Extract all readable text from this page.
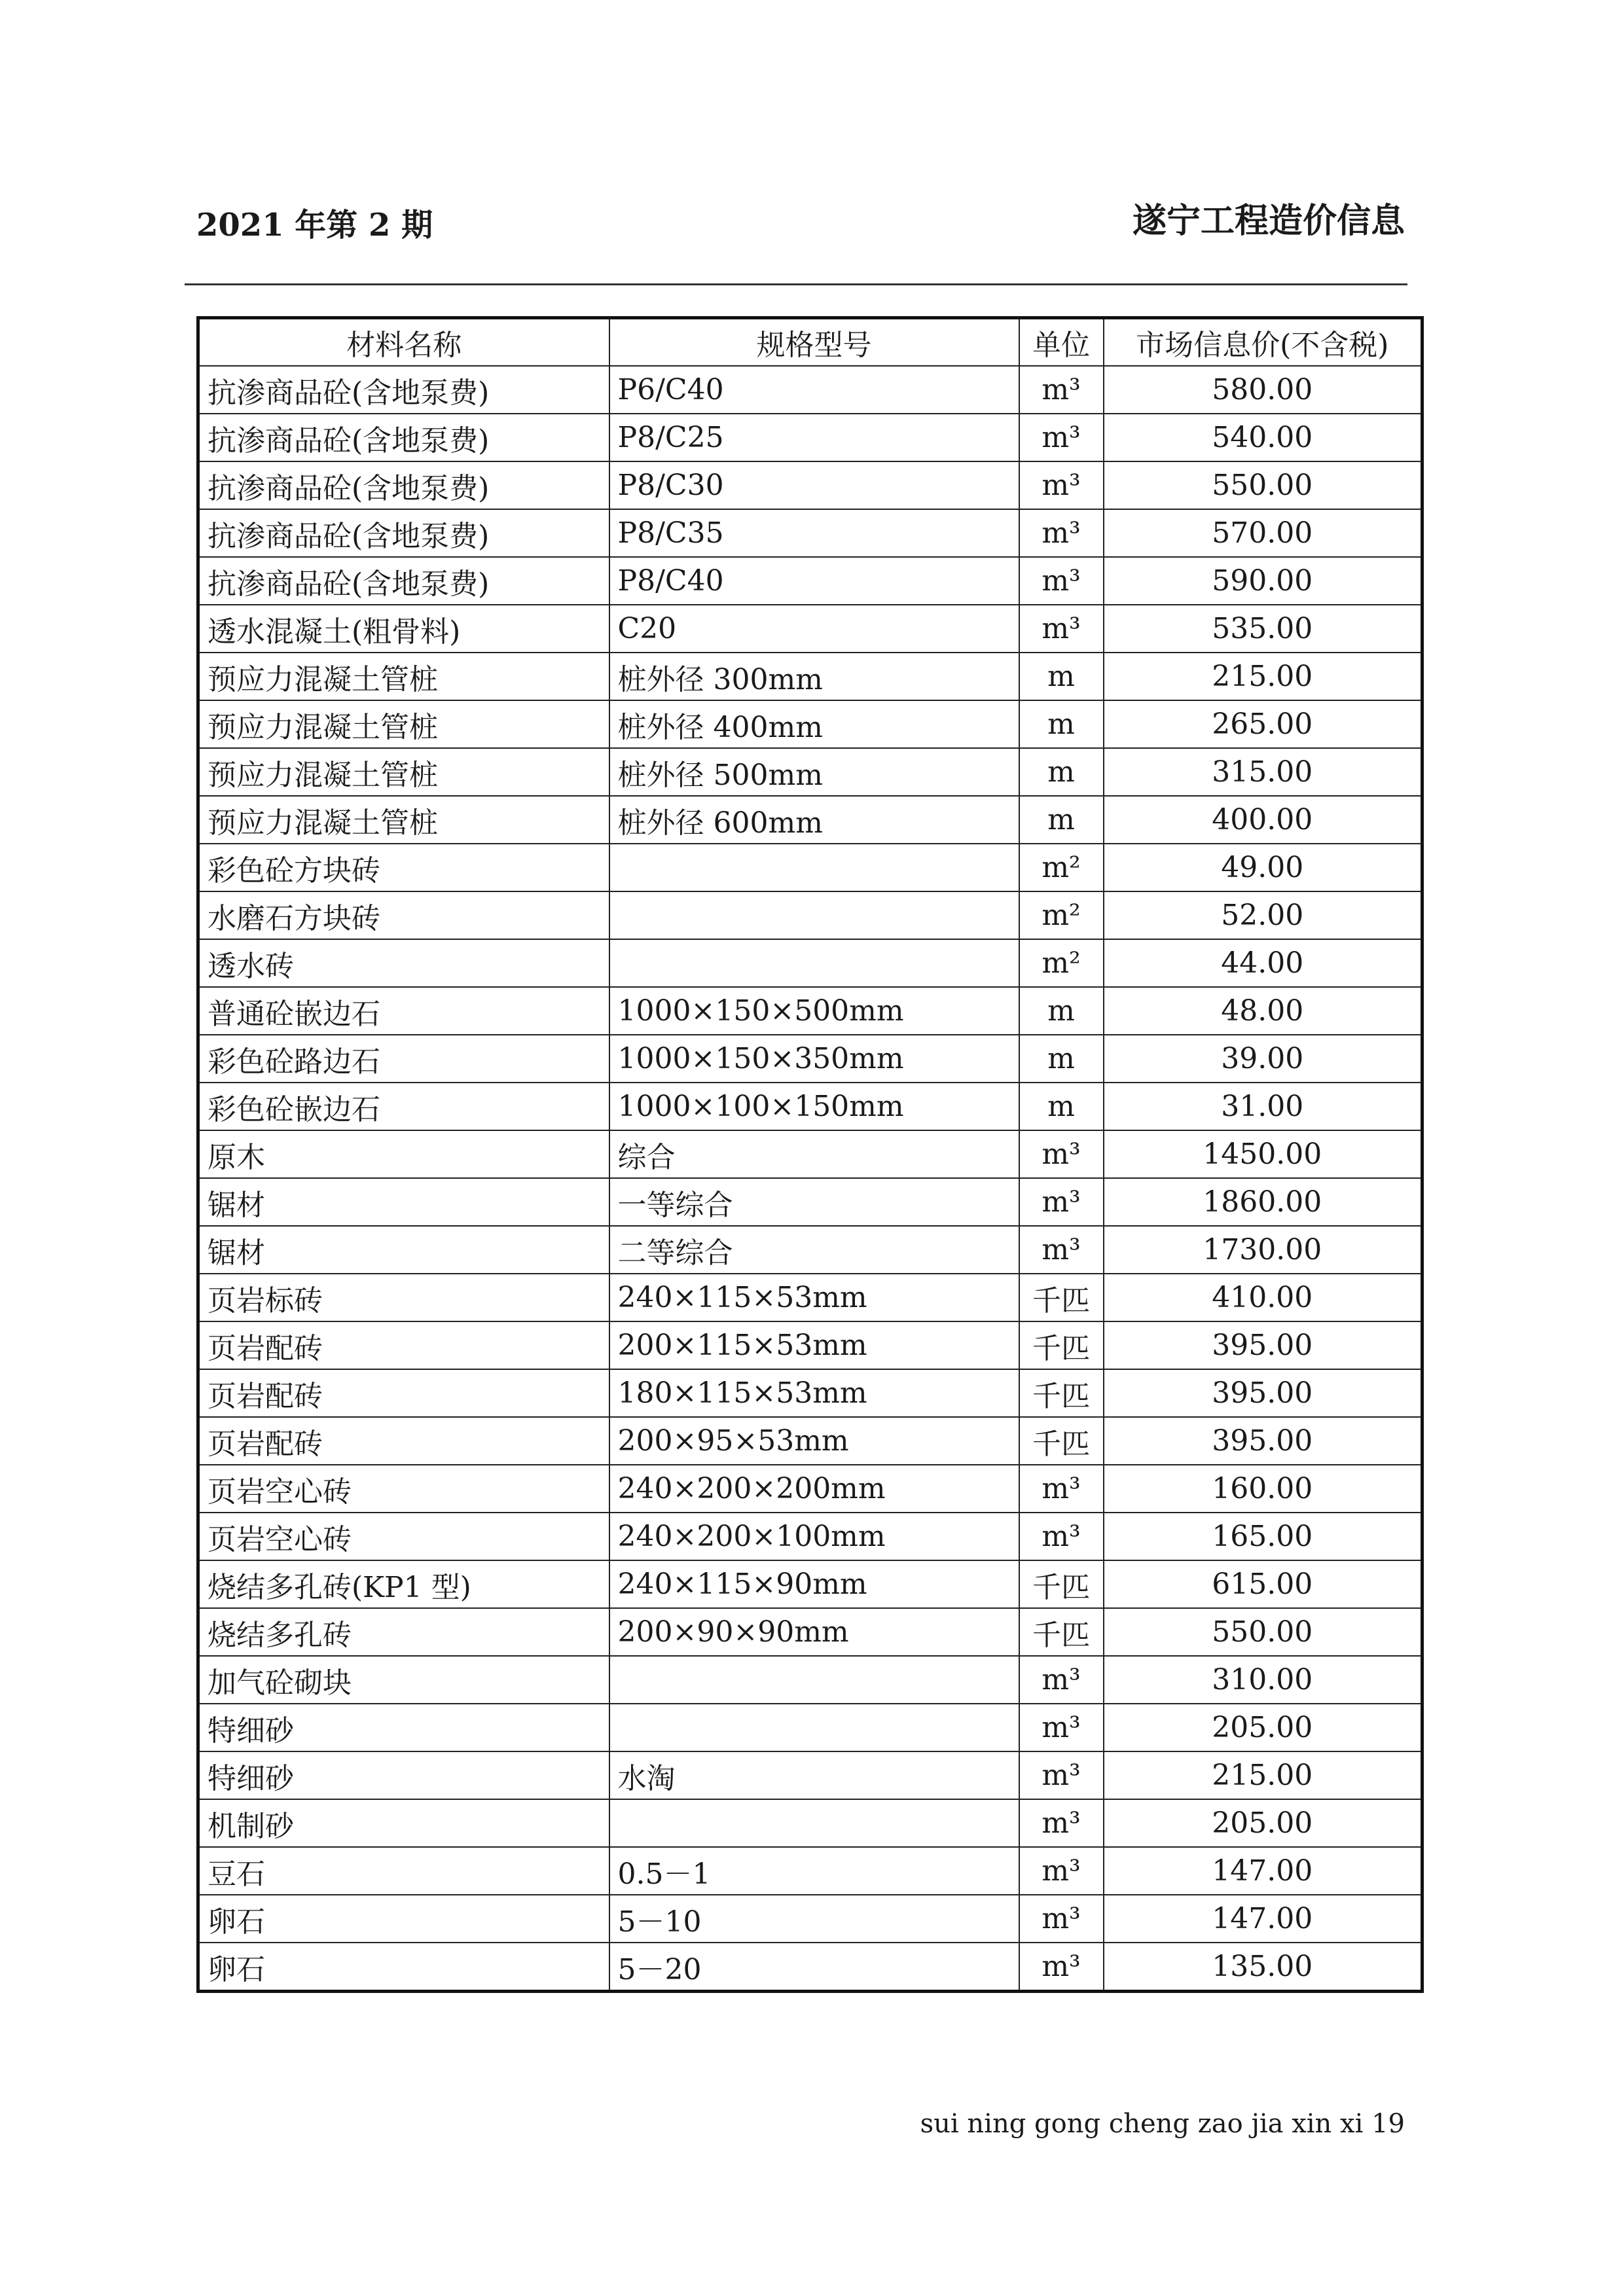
2021 年第 2 期	遂宁工程造价信息
材料名称	规格型号	单位	市场信息价(不含税)
抗渗商品砼(含地泵费)	P6/C40	m³	580.00
抗渗商品砼(含地泵费)	P8/C25	m³	540.00
抗渗商品砼(含地泵费)	P8/C30	m³	550.00
抗渗商品砼(含地泵费)	P8/C35	m³	570.00
抗渗商品砼(含地泵费)	P8/C40	m³	590.00
透水混凝土(粗骨料)	C20	m³	535.00
预应力混凝土管桩	桩外径 300mm	m	215.00
预应力混凝土管桩	桩外径 400mm	m	265.00
预应力混凝土管桩	桩外径 500mm	m	315.00
预应力混凝土管桩	桩外径 600mm	m	400.00
彩色砼方块砖		m²	49.00
水磨石方块砖		m²	52.00
透水砖		m²	44.00
普通砼嵌边石	1000×150×500mm	m	48.00
彩色砼路边石	1000×150×350mm	m	39.00
彩色砼嵌边石	1000×100×150mm	m	31.00
原木	综合	m³	1450.00
锯材	一等综合	m³	1860.00
锯材	二等综合	m³	1730.00
页岩标砖	240×115×53mm	千匹	410.00
页岩配砖	200×115×53mm	千匹	395.00
页岩配砖	180×115×53mm	千匹	395.00
页岩配砖	200×95×53mm	千匹	395.00
页岩空心砖	240×200×200mm	m³	160.00
页岩空心砖	240×200×100mm	m³	165.00
烧结多孔砖(KP1 型)	240×115×90mm	千匹	615.00
烧结多孔砖	200×90×90mm	千匹	550.00
加气砼砌块		m³	310.00
特细砂		m³	205.00
特细砂	水淘	m³	215.00
机制砂		m³	205.00
豆石	0.5－1	m³	147.00
卵石	5－10	m³	147.00
卵石	5－20	m³	135.00
sui ning gong cheng zao jia xin xi 19
